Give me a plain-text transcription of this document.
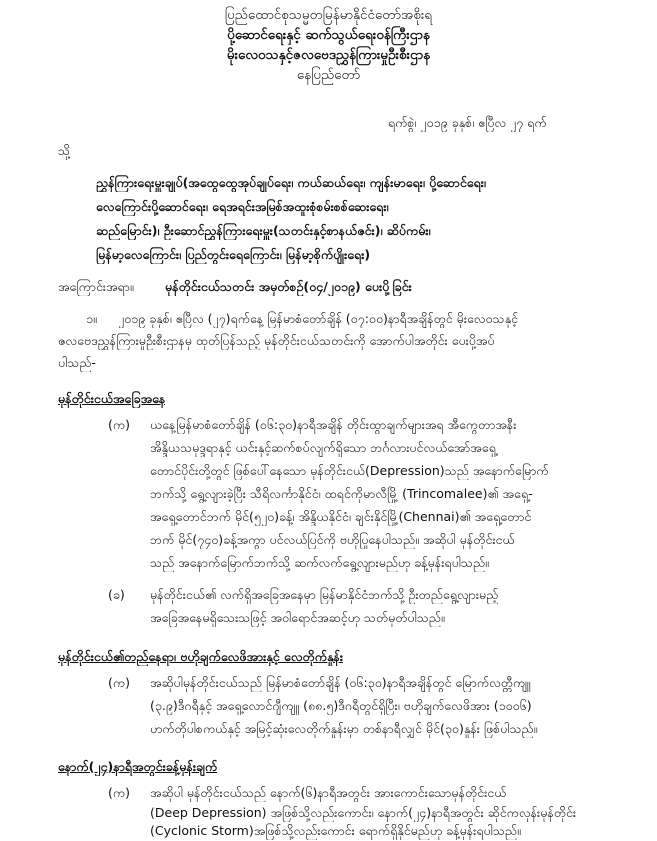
ပြည်ထောင်စုသမ္မတမြန်မာနိုင်ငံတော်အစိုးရ
ပို့ဆောင်ရေးနှင့် ဆက်သွယ်ရေးဝန်ကြီးဌာန
မိုးလေဝသနှင့်ဇလဗေဒညွှန်ကြားမှုဦးစီးဌာန
နေပြည်တော်
ရက်စွဲ၊ ၂၀၁၉ ခုနှစ်၊ ဧပြီလ ၂၇ ရက်
သို့
ညွှန်ကြားရေးမှူးချုပ်(အထွေထွေအုပ်ချုပ်ရေး၊ ကယ်ဆယ်ရေး၊ ကျန်းမာရေး၊ ပို့ဆောင်ရေး၊
လေကြောင်းပို့ဆောင်ရေး၊ ရေအရင်းအမြစ်အထူးစုံစမ်းစစ်ဆေးရေး၊
ဆည်မြောင်း)၊ ဦးဆောင်ညွှန်ကြားရေးမှူး(သတင်းနှင့်စာနယ်ဇင်း)၊ ဆိပ်ကမ်း၊
မြန်မာ့လေကြောင်း၊ ပြည်တွင်းရေကြောင်း၊ မြန်မာ့စိုက်ပျိုးရေး)
အကြောင်းအရာ။	မုန်တိုင်းငယ်သတင်း အမှတ်စဉ်(၀၄/၂၀၁၉) ပေးပို့ခြင်း
၁။ ၂၀၁၉ ခုနှစ်၊ ဧပြီလ (၂၇)ရက်နေ့ မြန်မာစံတော်ချိန် (၀၇:၀၀)နာရီအချိန်တွင် မိုးလေဝသနှင့်
ဇလဗေဒညွှန်ကြားမှုဦးစီးဌာနမှ ထုတ်ပြန်သည့် မုန်တိုင်းငယ်သတင်းကို အောက်ပါအတိုင်း ပေးပို့အပ်
ပါသည်-
မုန်တိုင်းငယ်အခြေအနေ
(က) ယနေ့မြန်မာစံတော်ချိန် (၀၆:၃၀)နာရီအချိန် တိုင်းထွာချက်များအရ အီကွေတာအနီး
အိန္ဒိယသမုဒ္ဒရာနှင့် ယင်းနှင့်ဆက်စပ်လျက်ရှိသော ဘင်္ဂလားပင်လယ်အော်အရှေ့
တောင်ပိုင်းတို့တွင် ဖြစ်ပေါ်နေသော မုန်တိုင်းငယ်(Depression)သည် အနောက်မြောက်
ဘက်သို့ ရွေ့လျားခဲ့ပြီး သီရိလင်္ကာနိုင်ငံ၊ ထရင်ကိုမာလီမြို့ (Trincomalee)၏ အရှေ့-
အရှေ့တောင်ဘက် မိုင်(၅၂၀)ခန့်၊ အိန္ဒိယနိုင်ငံ၊ ချင်းနိုင်မြို့(Chennai)၏ အရှေ့တောင်
ဘက် မိုင်(၇၄၀)ခန့်အကွာ ပင်လယ်ပြင်ကို ဗဟိုပြုနေပါသည်။ အဆိုပါ မုန်တိုင်းငယ်
သည် အနောက်မြောက်ဘက်သို့ ဆက်လက်ရွေ့လျားမည်ဟု ခန့်မှန်းရပါသည်။
(ခ) မုန်တိုင်းငယ်၏ လက်ရှိအခြေအနေမှာ မြန်မာနိုင်ငံဘက်သို့ ဦးတည်ရွေ့လျားမည့်
အခြေအနေမရှိသေးသဖြင့် အဝါရောင်အဆင့်ဟု သတ်မှတ်ပါသည်။
မုန်တိုင်းငယ်၏တည်နေရာ၊ ဗဟိုချက်လေဖိအားနှင့် လေတိုက်နှုန်း
(က) အဆိုပါမုန်တိုင်းငယ်သည် မြန်မာစံတော်ချိန် (၀၆:၃၀)နာရီအချိန်တွင် မြောက်လတ္တီကျူ
(၃.၉)ဒီဂရီနှင့် အရှေ့လောင်ဂျီကျူ (၈၈.၅)ဒီဂရီတွင်ရှိပြီး၊ ဗဟိုချက်လေဖိအား (၁၀၀၆)
ဟက်တိုပါစကယ်နှင့် အမြင့်ဆုံးလေတိုက်နှုန်းမှာ တစ်နာရီလျှင် မိုင်(၃၀)နှုန်း ဖြစ်ပါသည်။
နောက်(၂၄)နာရီအတွင်းခန့်မှန်းချက်
(က) အဆိုပါ မုန်တိုင်းငယ်သည် နောက်(၆)နာရီအတွင်း အားကောင်းသောမုန်တိုင်းငယ်
(Deep Depression) အဖြစ်သို့လည်းကောင်း၊ နောက်(၂၄)နာရီအတွင်း ဆိုင်ကလုန်းမုန်တိုင်း
(Cyclonic Storm)အဖြစ်သို့လည်းကောင်း ရောက်ရှိနိုင်မည်ဟု ခန့်မှန်းရပါသည်။
